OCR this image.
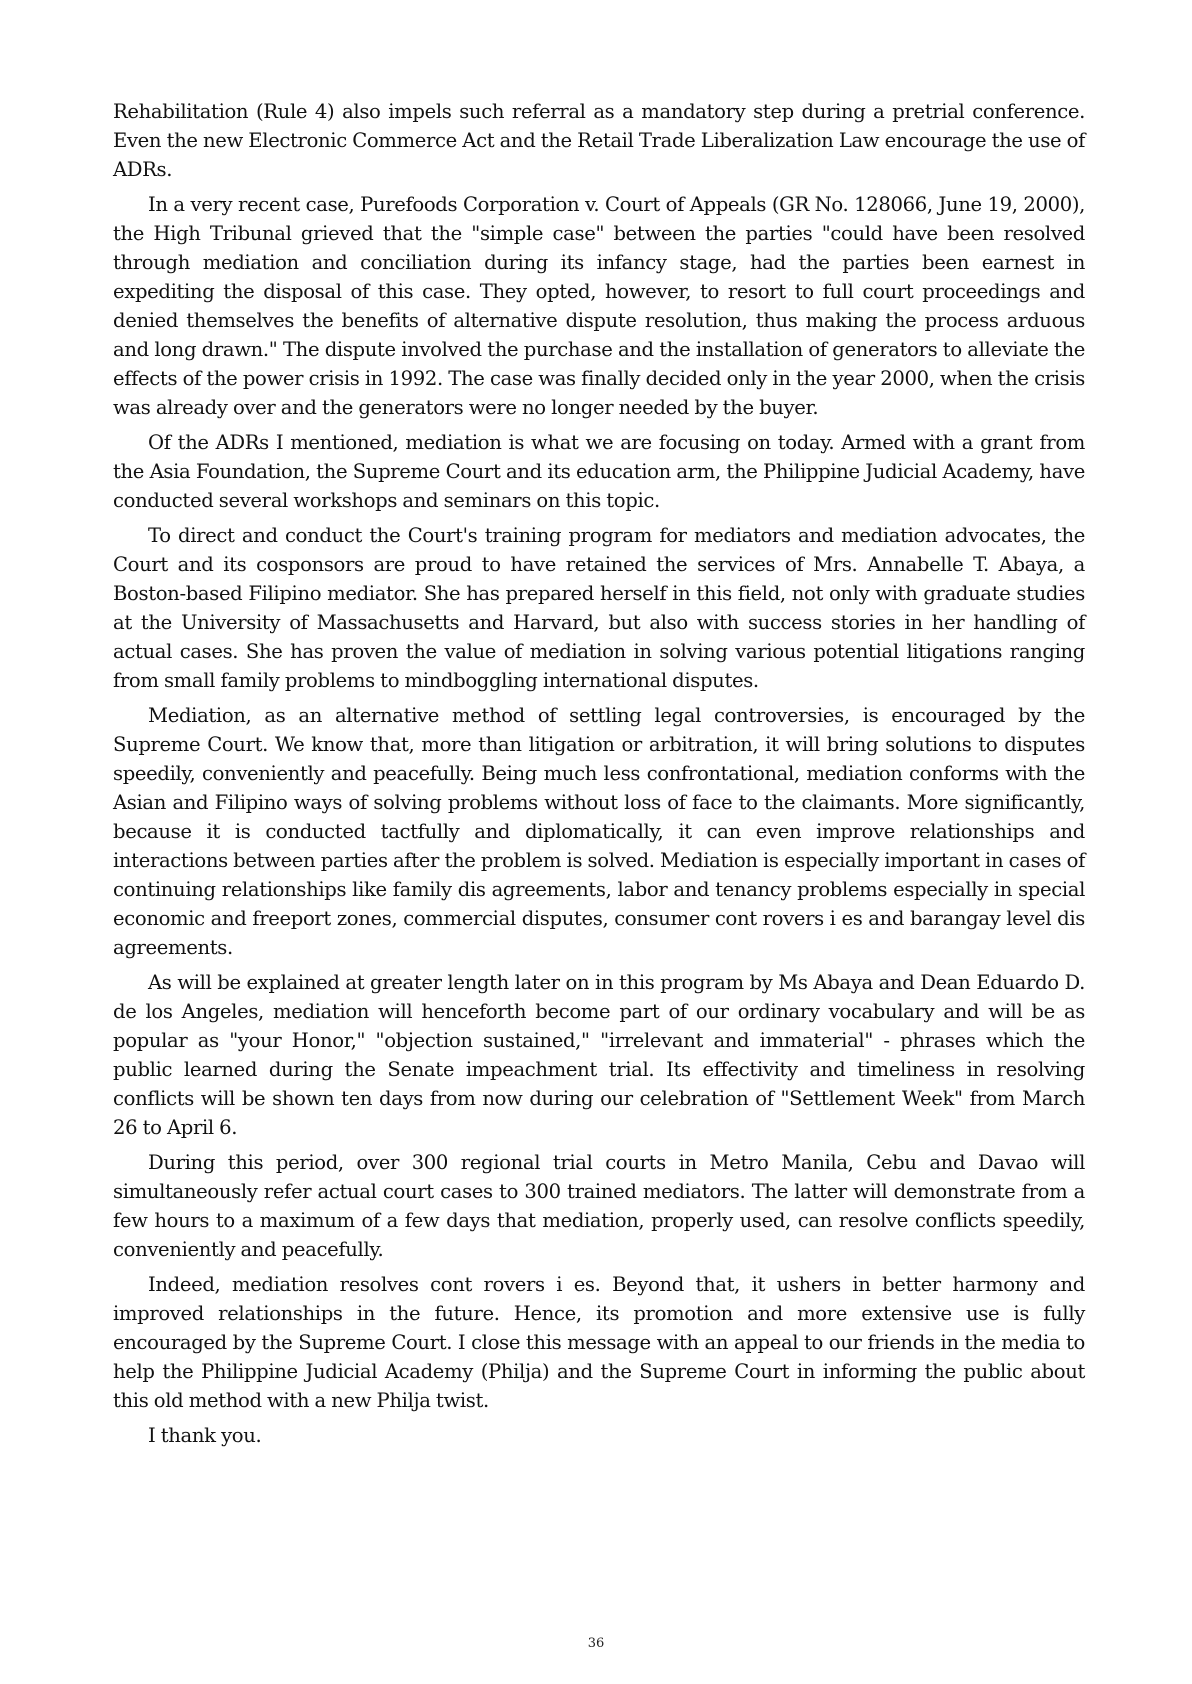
Rehabilitation (Rule 4) also impels such referral as a mandatory step during a pretrial conference. Even the new Electronic Commerce Act and the Retail Trade Liberalization Law encourage the use of ADRs.

In a very recent case, Purefoods Corporation v. Court of Appeals (GR No. 128066, June 19, 2000), the High Tribunal grieved that the "simple case" between the parties "could have been resolved through mediation and conciliation during its infancy stage, had the parties been earnest in expediting the disposal of this case. They opted, however, to resort to full court proceedings and denied themselves the benefits of alternative dispute resolution, thus making the process arduous and long drawn." The dispute involved the purchase and the installation of generators to alleviate the effects of the power crisis in 1992. The case was finally decided only in the year 2000, when the crisis was already over and the generators were no longer needed by the buyer.

Of the ADRs I mentioned, mediation is what we are focusing on today. Armed with a grant from the Asia Foundation, the Supreme Court and its education arm, the Philippine Judicial Academy, have conducted several workshops and seminars on this topic.

To direct and conduct the Court's training program for mediators and mediation advocates, the Court and its cosponsors are proud to have retained the services of Mrs. Annabelle T. Abaya, a Boston-based Filipino mediator. She has prepared herself in this field, not only with graduate studies at the University of Massachusetts and Harvard, but also with success stories in her handling of actual cases. She has proven the value of mediation in solving various potential litigations ranging from small family problems to mindboggling international disputes.

Mediation, as an alternative method of settling legal controversies, is encouraged by the Supreme Court. We know that, more than litigation or arbitration, it will bring solutions to disputes speedily, conveniently and peacefully. Being much less confrontational, mediation conforms with the Asian and Filipino ways of solving problems without loss of face to the claimants. More significantly, because it is conducted tactfully and diplomatically, it can even improve relationships and interactions between parties after the problem is solved. Mediation is especially important in cases of continuing relationships like family dis agreements, labor and tenancy problems especially in special economic and freeport zones, commercial disputes, consumer cont rovers i es and barangay level dis agreements.

As will be explained at greater length later on in this program by Ms Abaya and Dean Eduardo D. de los Angeles, mediation will henceforth become part of our ordinary vocabulary and will be as popular as "your Honor," "objection sustained," "irrelevant and immaterial" - phrases which the public learned during the Senate impeachment trial. Its effectivity and timeliness in resolving conflicts will be shown ten days from now during our celebration of "Settlement Week" from March 26 to April 6.

During this period, over 300 regional trial courts in Metro Manila, Cebu and Davao will simultaneously refer actual court cases to 300 trained mediators. The latter will demonstrate from a few hours to a maximum of a few days that mediation, properly used, can resolve conflicts speedily, conveniently and peacefully.

Indeed, mediation resolves cont rovers i es. Beyond that, it ushers in better harmony and improved relationships in the future. Hence, its promotion and more extensive use is fully encouraged by the Supreme Court. I close this message with an appeal to our friends in the media to help the Philippine Judicial Academy (Philja) and the Supreme Court in informing the public about this old method with a new Philja twist.

I thank you.

36
